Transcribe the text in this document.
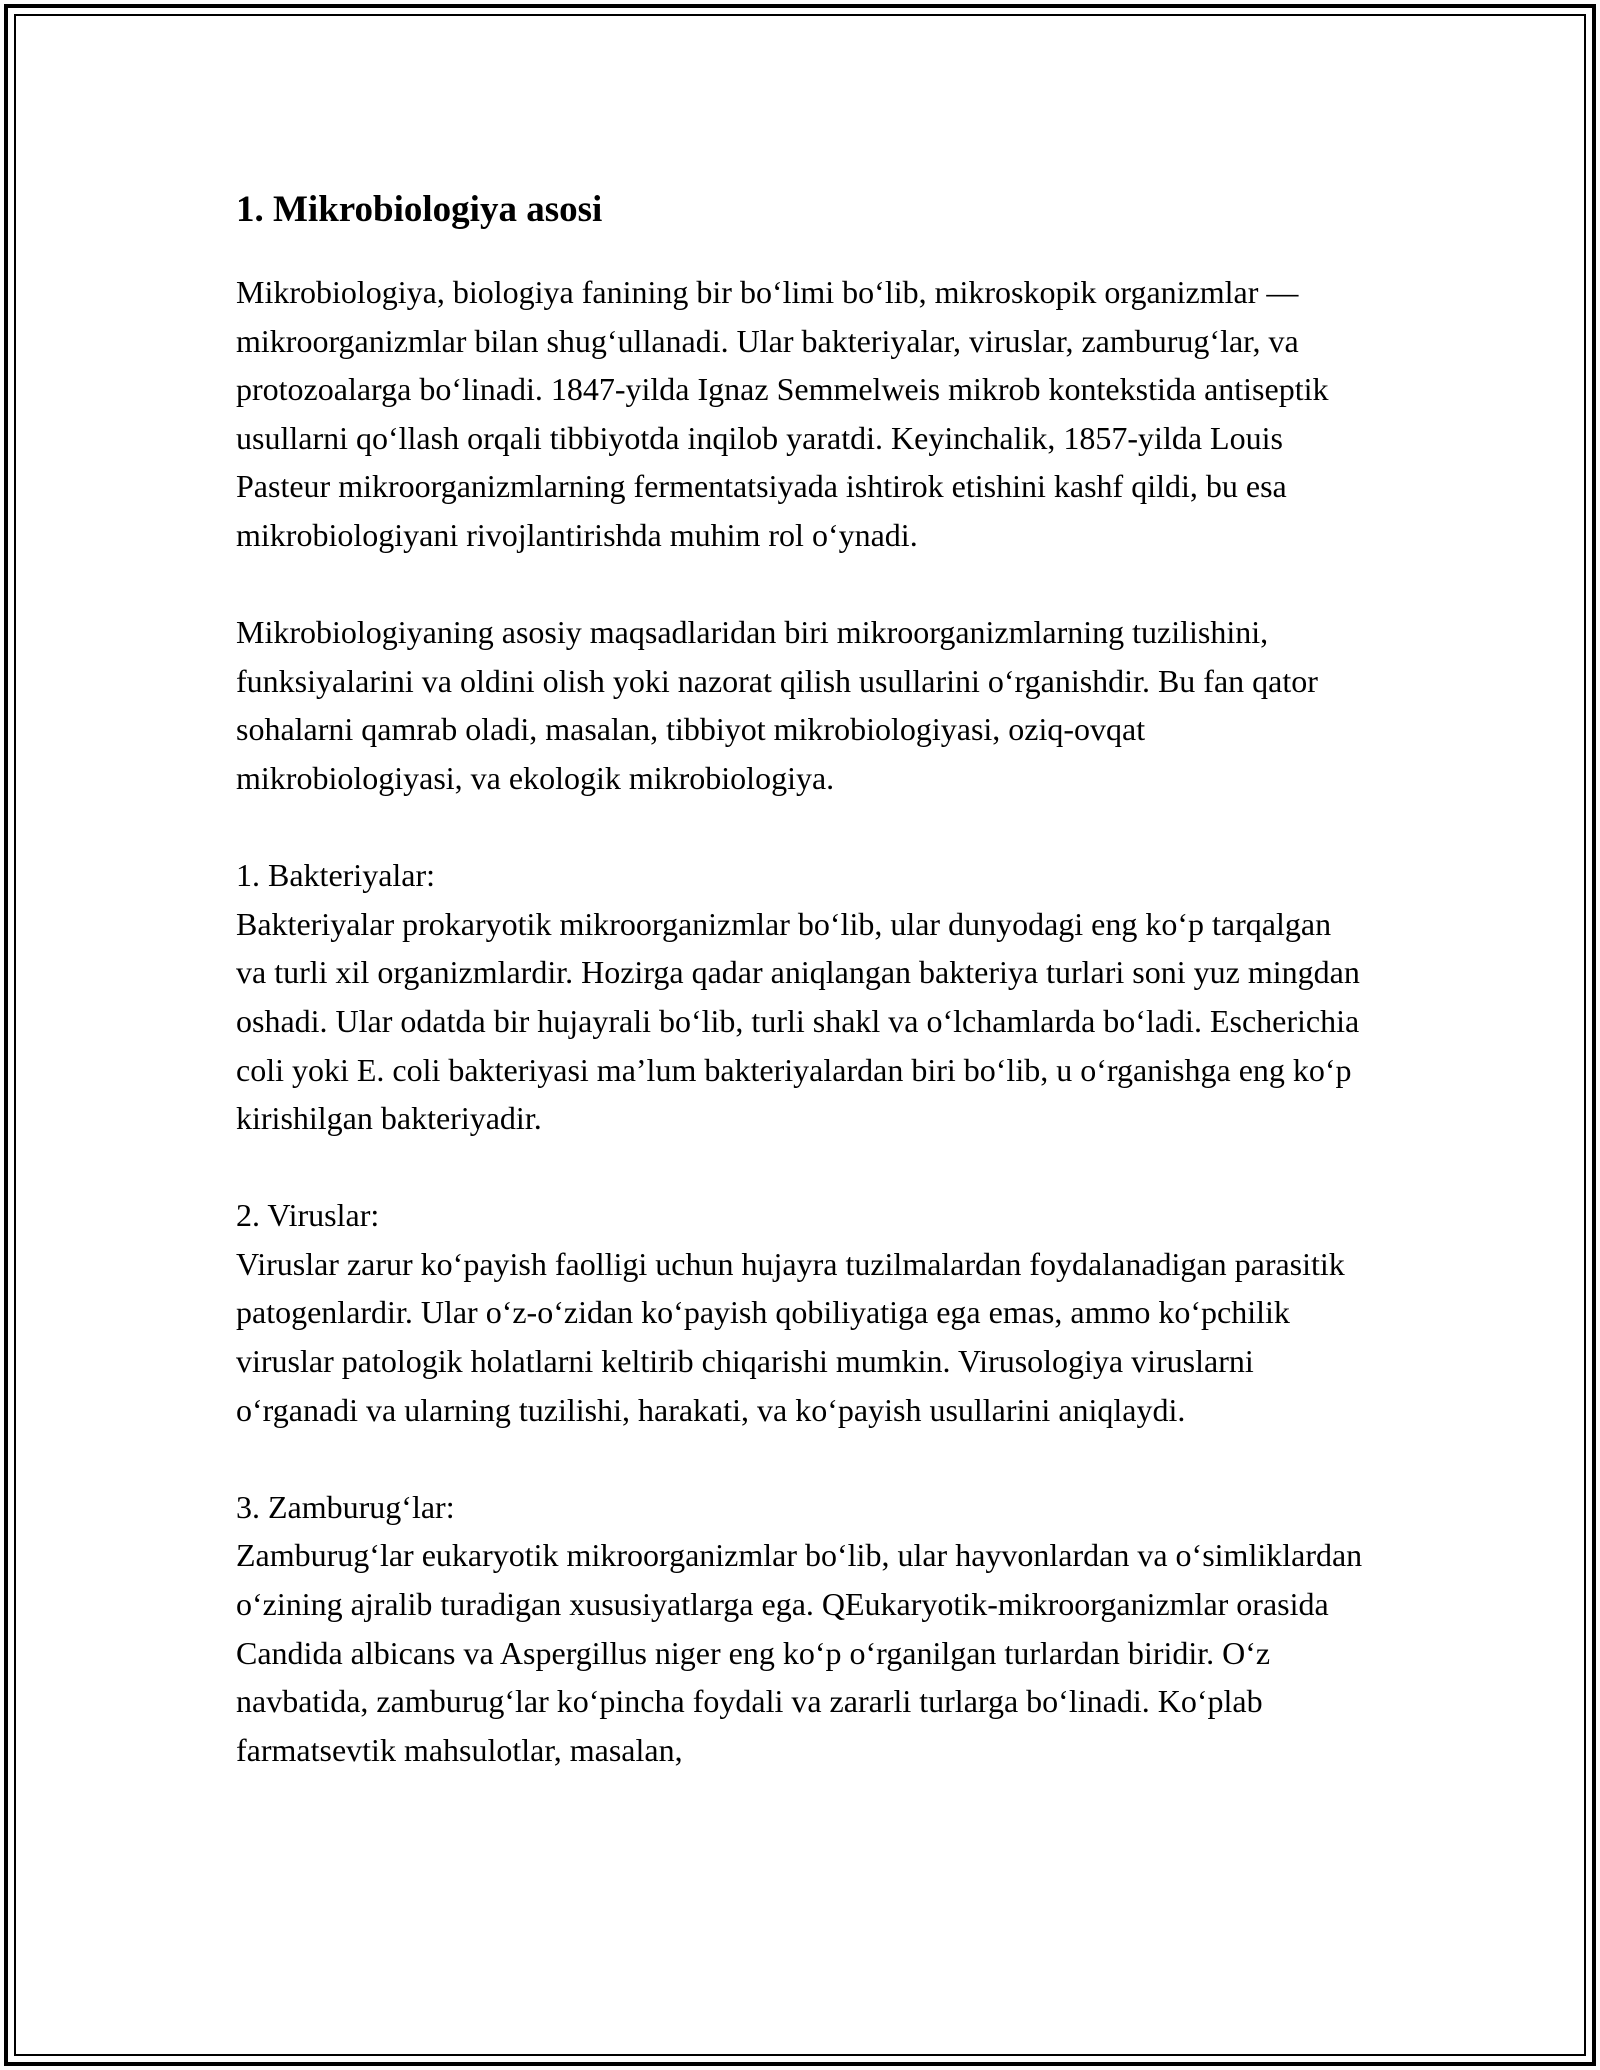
1. Mikrobiologiya asosi

Mikrobiologiya, biologiya fanining bir bo‘limi bo‘lib, mikroskopik organizmlar — mikroorganizmlar bilan shug‘ullanadi. Ular bakteriyalar, viruslar, zamburug‘lar, va protozoalarga bo‘linadi. 1847-yilda Ignaz Semmelweis mikrob kontekstida antiseptik usullarni qo‘llash orqali tibbiyotda inqilob yaratdi. Keyinchalik, 1857-yilda Louis Pasteur mikroorganizmlarning fermentatsiyada ishtirok etishini kashf qildi, bu esa mikrobiologiyani rivojlantirishda muhim rol o‘ynadi.

Mikrobiologiyaning asosiy maqsadlaridan biri mikroorganizmlarning tuzilishini, funksiyalarini va oldini olish yoki nazorat qilish usullarini o‘rganishdir. Bu fan qator sohalarni qamrab oladi, masalan, tibbiyot mikrobiologiyasi, oziq-ovqat mikrobiologiyasi, va ekologik mikrobiologiya.

1. Bakteriyalar:

Bakteriyalar prokaryotik mikroorganizmlar bo‘lib, ular dunyodagi eng ko‘p tarqalgan va turli xil organizmlardir. Hozirga qadar aniqlangan bakteriya turlari soni yuz mingdan oshadi. Ular odatda bir hujayrali bo‘lib, turli shakl va o‘lchamlarda bo‘ladi. Escherichia coli yoki E. coli bakteriyasi ma’lum bakteriyalardan biri bo‘lib, u o‘rganishga eng ko‘p kirishilgan bakteriyadir.

2. Viruslar:

Viruslar zarur ko‘payish faolligi uchun hujayra tuzilmalardan foydalanadigan parasitik patogenlardir. Ular o‘z-o‘zidan ko‘payish qobiliyatiga ega emas, ammo ko‘pchilik viruslar patologik holatlarni keltirib chiqarishi mumkin. Virusologiya viruslarni o‘rganadi va ularning tuzilishi, harakati, va ko‘payish usullarini aniqlaydi.

3. Zamburug‘lar:

Zamburug‘lar eukaryotik mikroorganizmlar bo‘lib, ular hayvonlardan va o‘simliklardan o‘zining ajralib turadigan xususiyatlarga ega. QEukaryotik-mikroorganizmlar orasida Candida albicans va Aspergillus niger eng ko‘p o‘rganilgan turlardan biridir. O‘z navbatida, zamburug‘lar ko‘pincha foydali va zararli turlarga bo‘linadi. Ko‘plab farmatsevtik mahsulotlar, masalan,
